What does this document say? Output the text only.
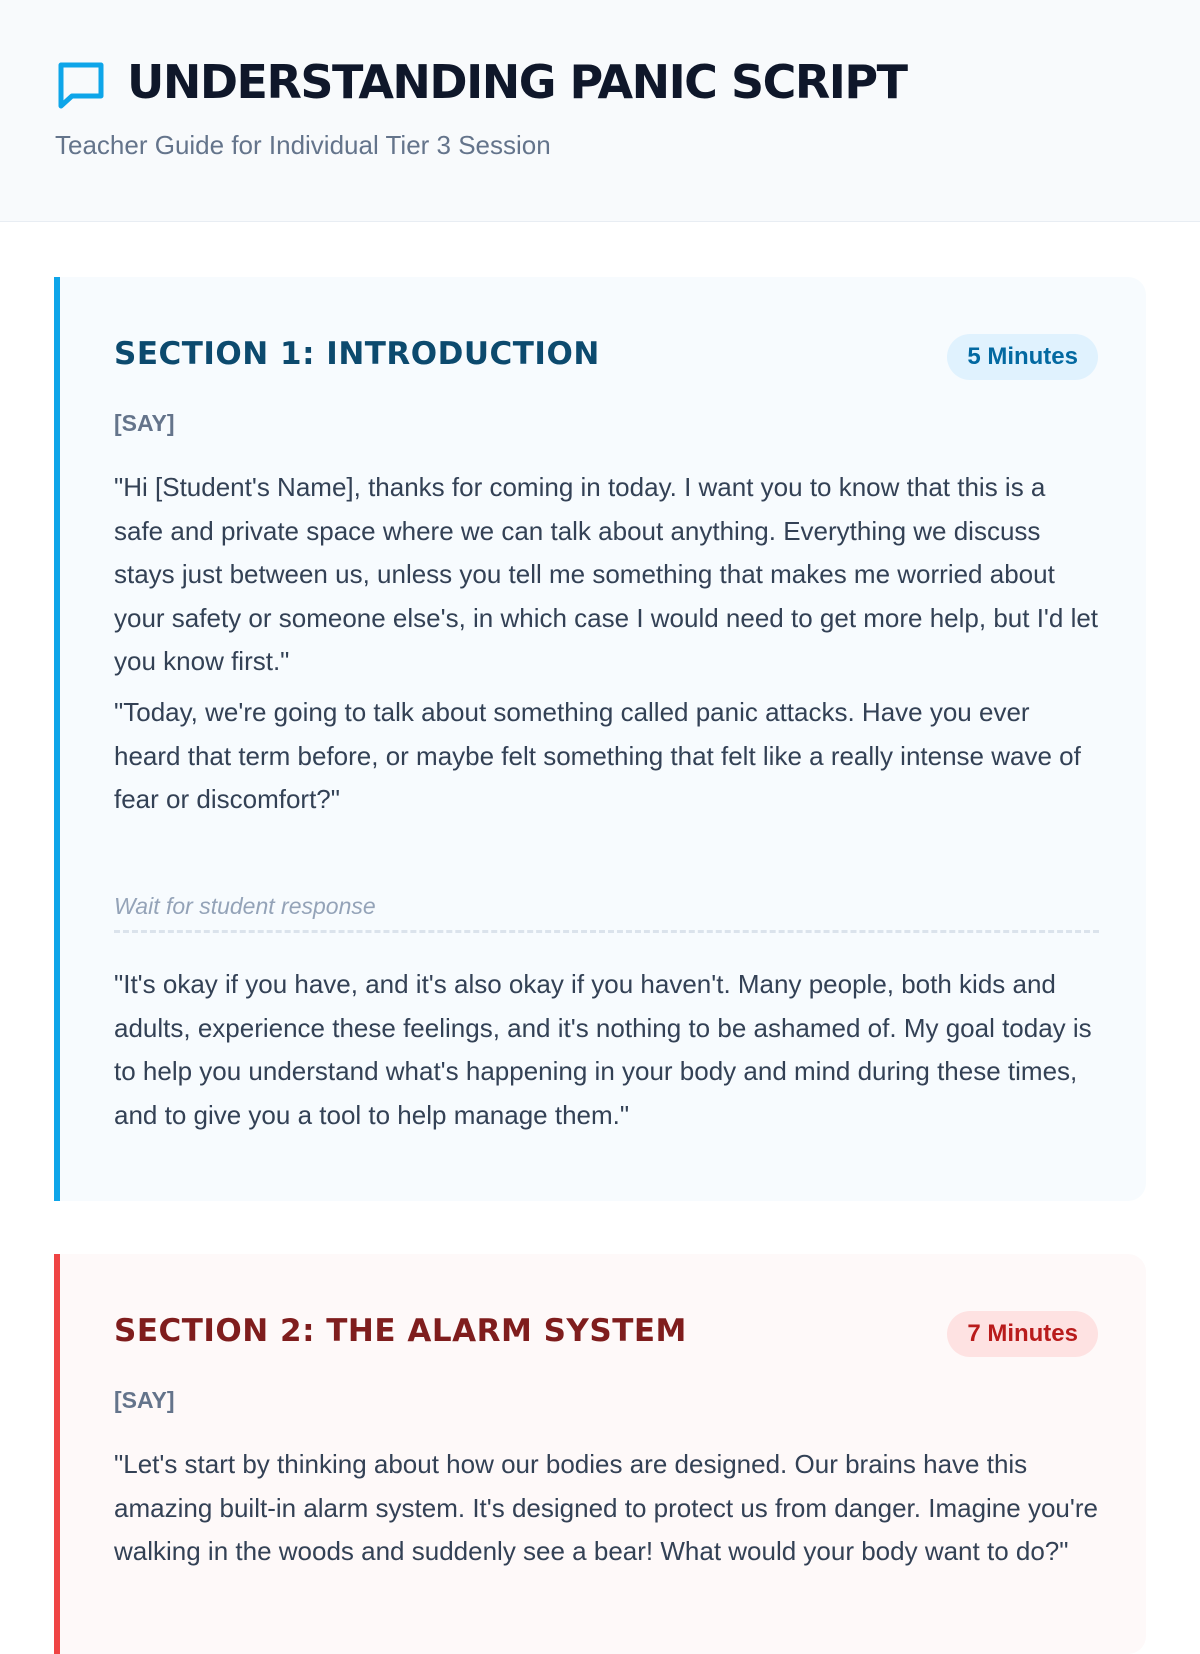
UNDERSTANDING PANIC SCRIPT
Teacher Guide for Individual Tier 3 Session
SECTION 1: INTRODUCTION	5 Minutes
[SAY]
"Hi [Student's Name], thanks for coming in today. I want you to know that this is a safe and private space where we can talk about anything. Everything we discuss stays just between us, unless you tell me something that makes me worried about your safety or someone else's, in which case I would need to get more help, but I'd let you know first."
"Today, we're going to talk about something called panic attacks. Have you ever heard that term before, or maybe felt something that felt like a really intense wave of fear or discomfort?"
Wait for student response
"It's okay if you have, and it's also okay if you haven't. Many people, both kids and adults, experience these feelings, and it's nothing to be ashamed of. My goal today is to help you understand what's happening in your body and mind during these times, and to give you a tool to help manage them."
SECTION 2: THE ALARM SYSTEM	7 Minutes
[SAY]
"Let's start by thinking about how our bodies are designed. Our brains have this amazing built-in alarm system. It's designed to protect us from danger. Imagine you're walking in the woods and suddenly see a bear! What would your body want to do?"
